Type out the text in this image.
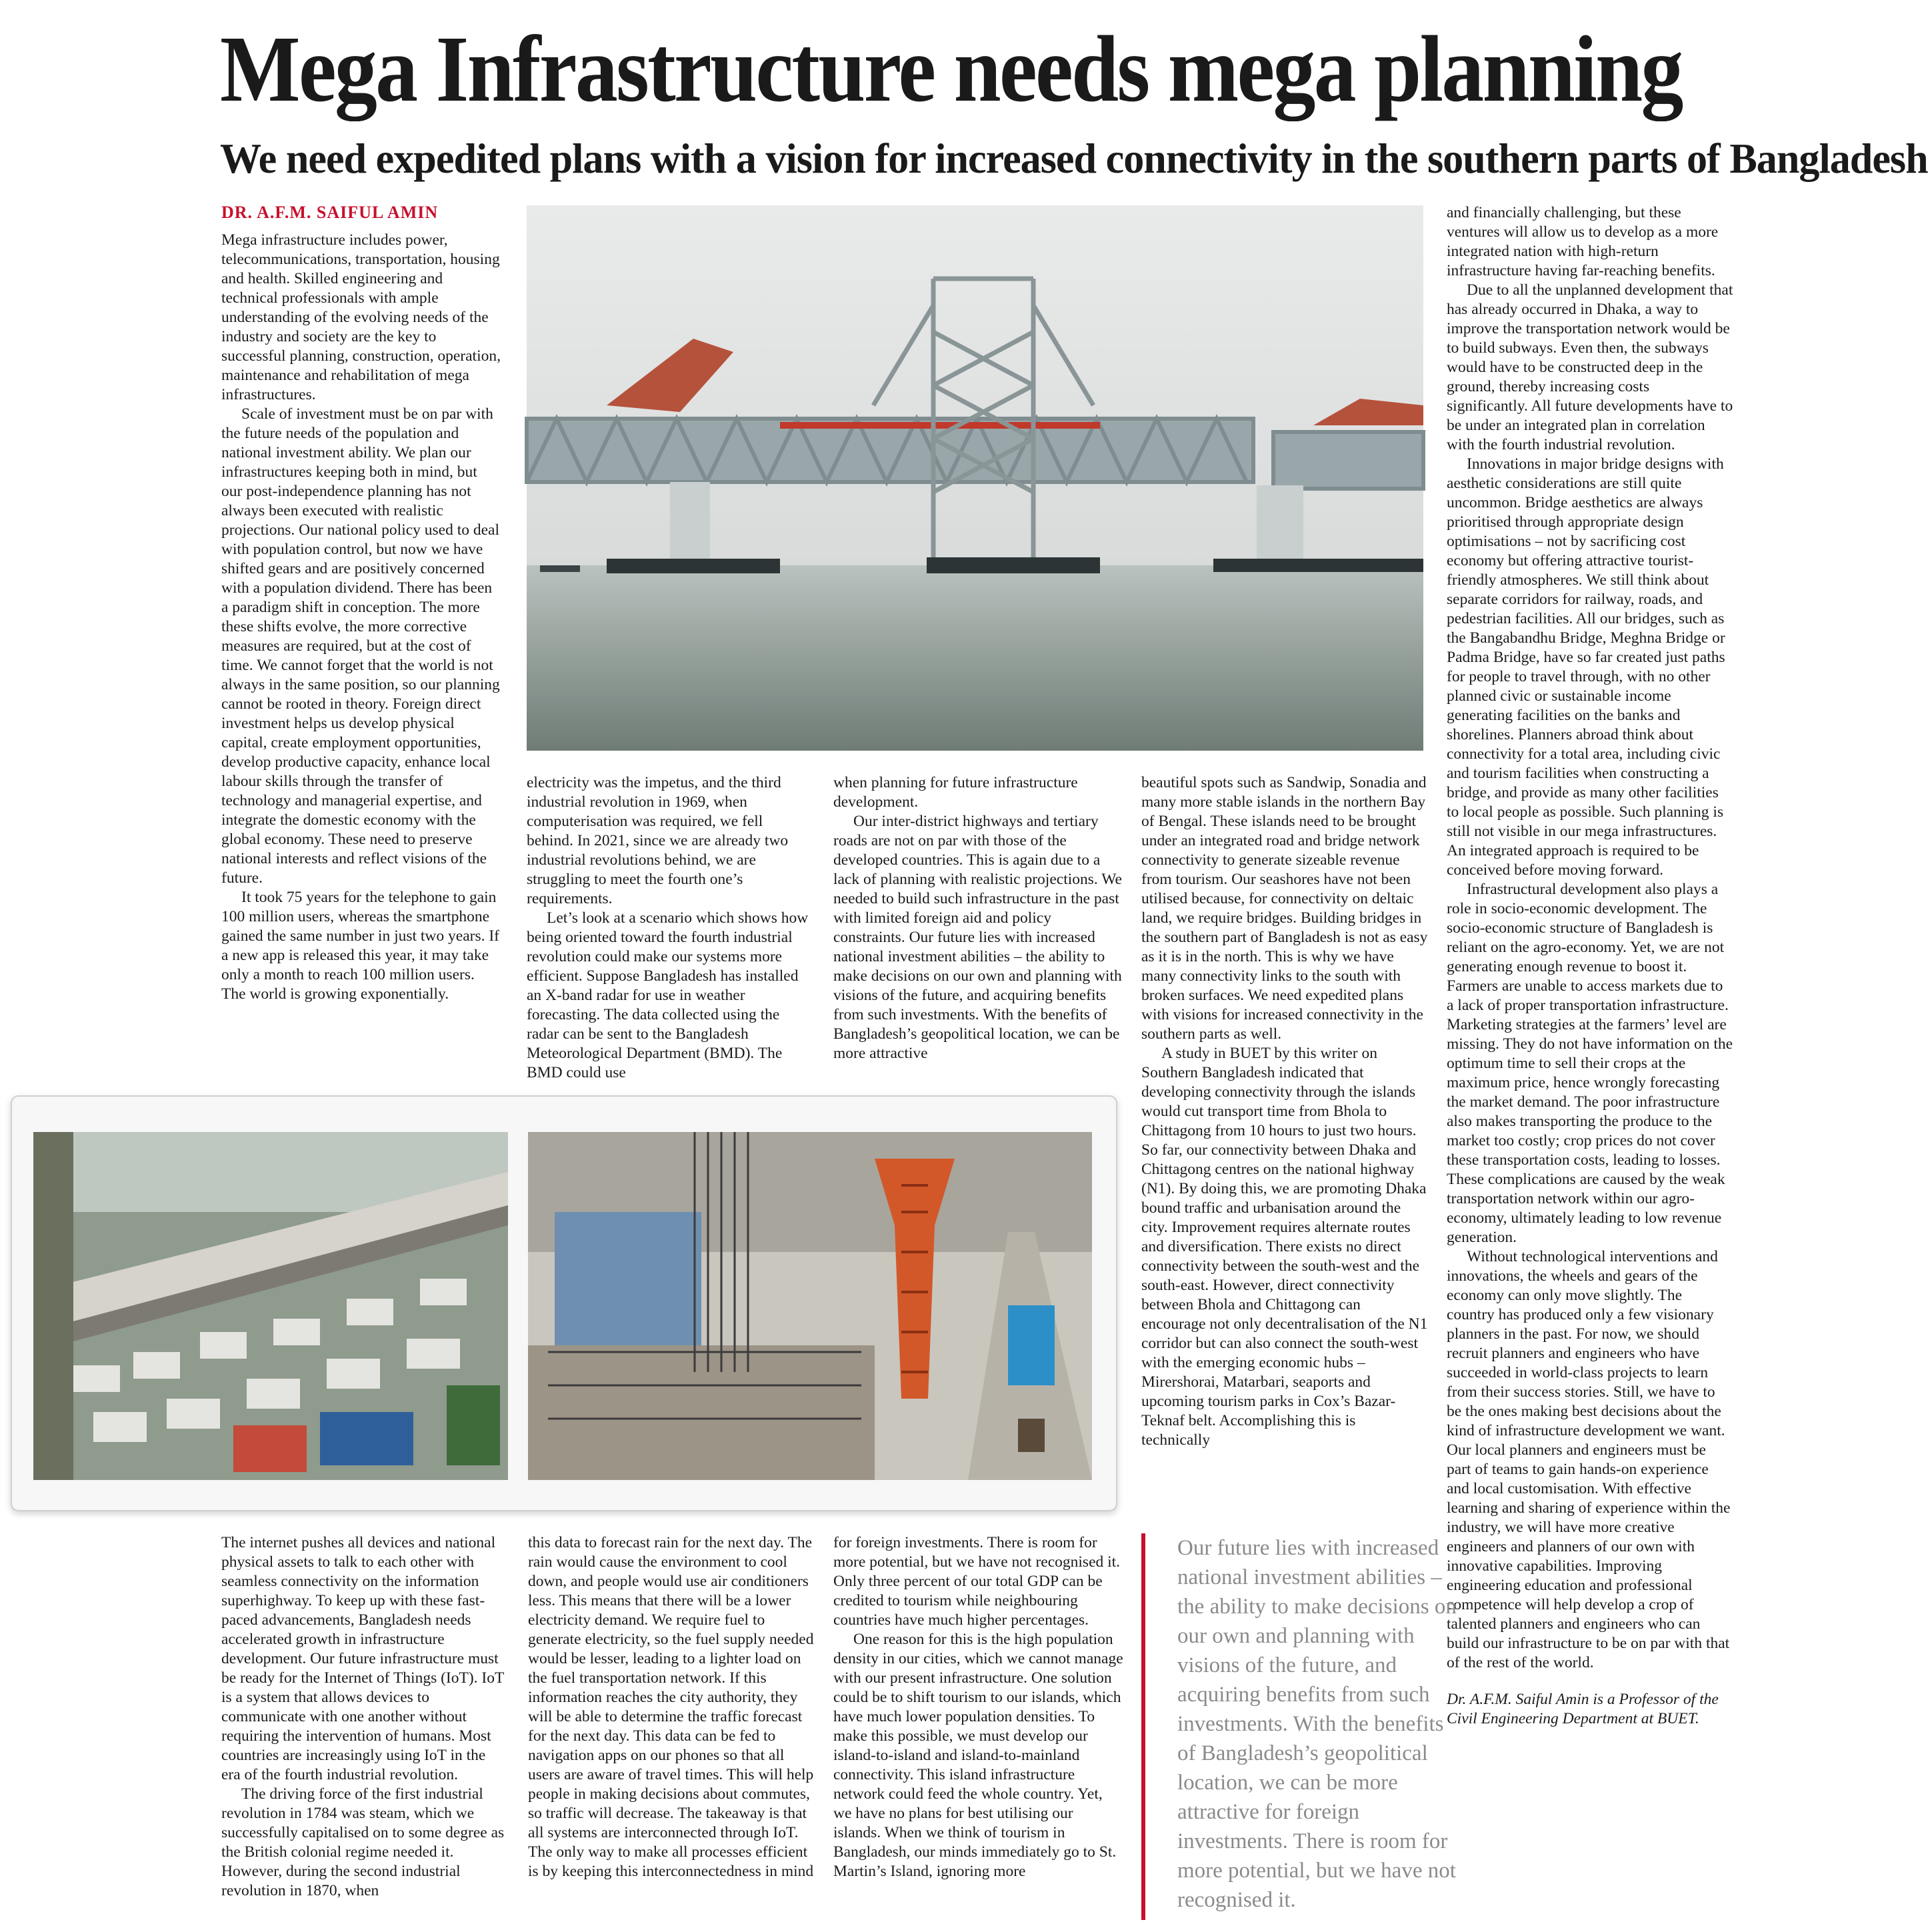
Mega Infrastructure needs mega planning
We need expedited plans with a vision for increased connectivity in the southern parts of Bangladesh
DR. A.F.M. SAIFUL AMIN

Mega infrastructure includes power, telecommunications, transportation, housing and health. Skilled engineering and technical professionals with ample understanding of the evolving needs of the industry and society are the key to successful planning, construction, operation, maintenance and rehabilitation of mega infrastructures.

Scale of investment must be on par with the future needs of the population and national investment ability. We plan our infrastructures keeping both in mind, but our post-independence planning has not always been executed with realistic projections. Our national policy used to deal with population control, but now we have shifted gears and are positively concerned with a population dividend. There has been a paradigm shift in conception. The more these shifts evolve, the more corrective measures are required, but at the cost of time. We cannot forget that the world is not always in the same position, so our planning cannot be rooted in theory. Foreign direct investment helps us develop physical capital, create employment opportunities, develop productive capacity, enhance local labour skills through the transfer of technology and managerial expertise, and integrate the domestic economy with the global economy. These need to preserve national interests and reflect visions of the future.

It took 75 years for the telephone to gain 100 million users, whereas the smartphone gained the same number in just two years. If a new app is released this year, it may take only a month to reach 100 million users. The world is growing exponentially.

electricity was the impetus, and the third industrial revolution in 1969, when computerisation was required, we fell behind. In 2021, since we are already two industrial revolutions behind, we are struggling to meet the fourth one’s requirements.

Let’s look at a scenario which shows how being oriented toward the fourth industrial revolution could make our systems more efficient. Suppose Bangladesh has installed an X-band radar for use in weather forecasting. The data collected using the radar can be sent to the Bangladesh Meteorological Department (BMD). The BMD could use

when planning for future infrastructure development.

Our inter-district highways and tertiary roads are not on par with those of the developed countries. This is again due to a lack of planning with realistic projections. We needed to build such infrastructure in the past with limited foreign aid and policy constraints. Our future lies with increased national investment abilities – the ability to make decisions on our own and planning with visions of the future, and acquiring benefits from such investments. With the benefits of Bangladesh’s geopolitical location, we can be more attractive

beautiful spots such as Sandwip, Sonadia and many more stable islands in the northern Bay of Bengal. These islands need to be brought under an integrated road and bridge network connectivity to generate sizeable revenue from tourism. Our seashores have not been utilised because, for connectivity on deltaic land, we require bridges. Building bridges in the southern part of Bangladesh is not as easy as it is in the north. This is why we have many connectivity links to the south with broken surfaces. We need expedited plans with visions for increased connectivity in the southern parts as well.

A study in BUET by this writer on Southern Bangladesh indicated that developing connectivity through the islands would cut transport time from Bhola to Chittagong from 10 hours to just two hours. So far, our connectivity between Dhaka and Chittagong centres on the national highway (N1). By doing this, we are promoting Dhaka bound traffic and urbanisation around the city. Improvement requires alternate routes and diversification. There exists no direct connectivity between the south-west and the south-east. However, direct connectivity between Bhola and Chittagong can encourage not only decentralisation of the N1 corridor but can also connect the south-west with the emerging economic hubs – Mirershorai, Matarbari, seaports and upcoming tourism parks in Cox’s Bazar-Teknaf belt. Accomplishing this is technically

and financially challenging, but these ventures will allow us to develop as a more integrated nation with high-return infrastructure having far-reaching benefits.

Due to all the unplanned development that has already occurred in Dhaka, a way to improve the transportation network would be to build subways. Even then, the subways would have to be constructed deep in the ground, thereby increasing costs significantly. All future developments have to be under an integrated plan in correlation with the fourth industrial revolution.

Innovations in major bridge designs with aesthetic considerations are still quite uncommon. Bridge aesthetics are always prioritised through appropriate design optimisations – not by sacrificing cost economy but offering attractive tourist-friendly atmospheres. We still think about separate corridors for railway, roads, and pedestrian facilities. All our bridges, such as the Bangabandhu Bridge, Meghna Bridge or Padma Bridge, have so far created just paths for people to travel through, with no other planned civic or sustainable income generating facilities on the banks and shorelines. Planners abroad think about connectivity for a total area, including civic and tourism facilities when constructing a bridge, and provide as many other facilities to local people as possible. Such planning is still not visible in our mega infrastructures. An integrated approach is required to be conceived before moving forward.

Infrastructural development also plays a role in socio-economic development. The socio-economic structure of Bangladesh is reliant on the agro-economy. Yet, we are not generating enough revenue to boost it. Farmers are unable to access markets due to a lack of proper transportation infrastructure. Marketing strategies at the farmers’ level are missing. They do not have information on the optimum time to sell their crops at the maximum price, hence wrongly forecasting the market demand. The poor infrastructure also makes transporting the produce to the market too costly; crop prices do not cover these transportation costs, leading to losses. These complications are caused by the weak transportation network within our agro-economy, ultimately leading to low revenue generation.

Without technological interventions and innovations, the wheels and gears of the economy can only move slightly. The country has produced only a few visionary planners in the past. For now, we should recruit planners and engineers who have succeeded in world-class projects to learn from their success stories. Still, we have to be the ones making best decisions about the kind of infrastructure development we want. Our local planners and engineers must be part of teams to gain hands-on experience and local customisation. With effective learning and sharing of experience within the industry, we will have more creative engineers and planners of our own with innovative capabilities. Improving engineering education and professional competence will help develop a crop of talented planners and engineers who can build our infrastructure to be on par with that of the rest of the world.

Dr. A.F.M. Saiful Amin is a Professor of the Civil Engineering Department at BUET.

The internet pushes all devices and national physical assets to talk to each other with seamless connectivity on the information superhighway. To keep up with these fast-paced advancements, Bangladesh needs accelerated growth in infrastructure development. Our future infrastructure must be ready for the Internet of Things (IoT). IoT is a system that allows devices to communicate with one another without requiring the intervention of humans. Most countries are increasingly using IoT in the era of the fourth industrial revolution.

The driving force of the first industrial revolution in 1784 was steam, which we successfully capitalised on to some degree as the British colonial regime needed it. However, during the second industrial revolution in 1870, when

this data to forecast rain for the next day. The rain would cause the environment to cool down, and people would use air conditioners less. This means that there will be a lower electricity demand. We require fuel to generate electricity, so the fuel supply needed would be lesser, leading to a lighter load on the fuel transportation network. If this information reaches the city authority, they will be able to determine the traffic forecast for the next day. This data can be fed to navigation apps on our phones so that all users are aware of travel times. This will help people in making decisions about commutes, so traffic will decrease. The takeaway is that all systems are interconnected through IoT. The only way to make all processes efficient is by keeping this interconnectedness in mind

for foreign investments. There is room for more potential, but we have not recognised it. Only three percent of our total GDP can be credited to tourism while neighbouring countries have much higher percentages.

One reason for this is the high population density in our cities, which we cannot manage with our present infrastructure. One solution could be to shift tourism to our islands, which have much lower population densities. To make this possible, we must develop our island-to-island and island-to-mainland connectivity. This island infrastructure network could feed the whole country. Yet, we have no plans for best utilising our islands. When we think of tourism in Bangladesh, our minds immediately go to St. Martin’s Island, ignoring more

Our future lies with increased national investment abilities – the ability to make decisions on our own and planning with visions of the future, and acquiring benefits from such investments. With the benefits of Bangladesh’s geopolitical location, we can be more attractive for foreign investments. There is room for more potential, but we have not recognised it.
